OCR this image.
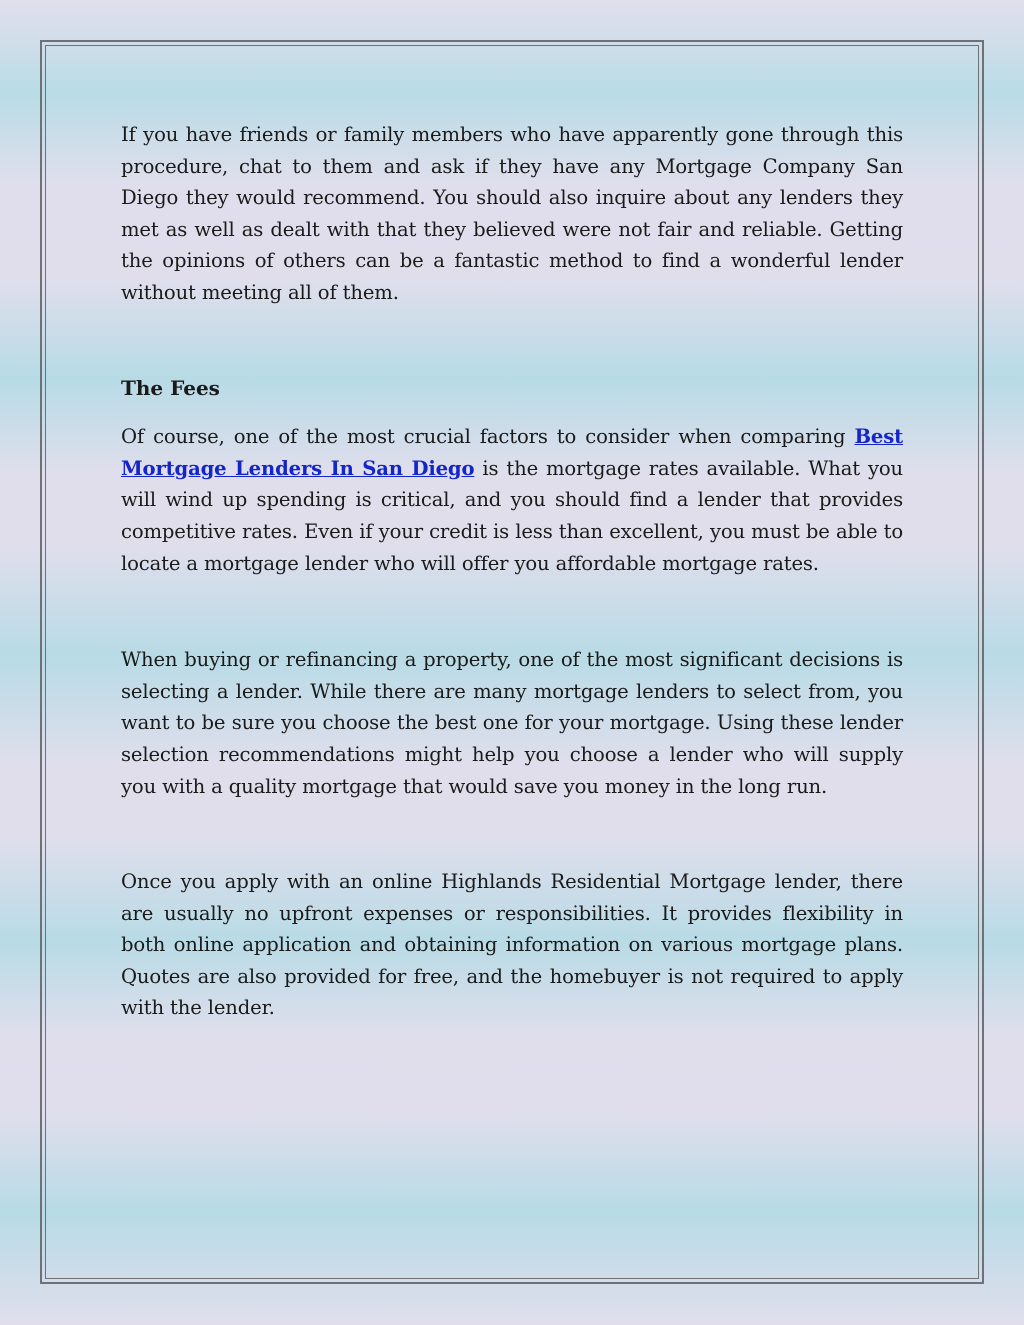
If you have friends or family members who have apparently gone through this procedure, chat to them and ask if they have any Mortgage Company San Diego they would recommend. You should also inquire about any lenders they met as well as dealt with that they believed were not fair and reliable. Getting the opinions of others can be a fantastic method to find a wonderful lender without meeting all of them.

The Fees

Of course, one of the most crucial factors to consider when comparing Best Mortgage Lenders In San Diego is the mortgage rates available. What you will wind up spending is critical, and you should find a lender that provides competitive rates. Even if your credit is less than excellent, you must be able to locate a mortgage lender who will offer you affordable mortgage rates.

When buying or refinancing a property, one of the most significant decisions is selecting a lender. While there are many mortgage lenders to select from, you want to be sure you choose the best one for your mortgage. Using these lender selection recommendations might help you choose a lender who will supply you with a quality mortgage that would save you money in the long run.

Once you apply with an online Highlands Residential Mortgage lender, there are usually no upfront expenses or responsibilities. It provides flexibility in both online application and obtaining information on various mortgage plans. Quotes are also provided for free, and the homebuyer is not required to apply with the lender.
